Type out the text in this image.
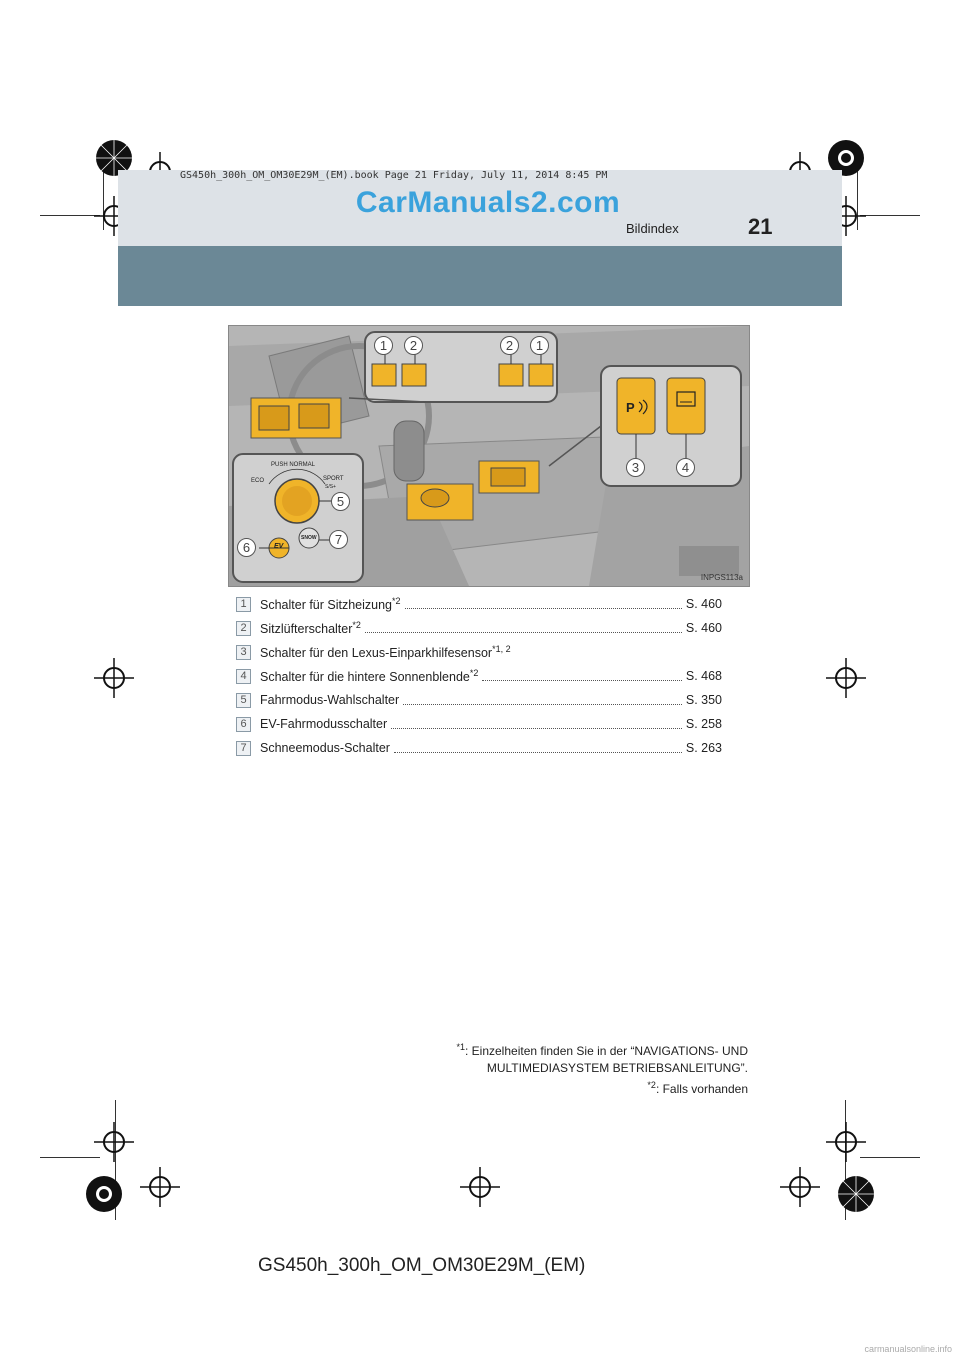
GS450h_300h_OM_OM30E29M_(EM).book Page 21 Friday, July 11, 2014 8:45 PM
CarManuals2.com
Bildindex	21
P
PUSH NORMAL
ECO	SPORT
S/S+
EV
SNOW
1 2	2 1
3	4
5
6
7
INPGS113a
1	Schalter für Sitzheizung$^{*2}$	S. 460
2	Sitzlüfterschalter$^{*2}$	S. 460
3	Schalter für den Lexus-Einparkhilfesensor$^{*1, 2}$
4	Schalter für die hintere Sonnenblende$^{*2}$	S. 468
5	Fahrmodus-Wahlschalter	S. 350
6	EV-Fahrmodusschalter	S. 258
7	Schneemodus-Schalter	S. 263
$^{*1}$: Einzelheiten finden Sie in der “NAVIGATIONS- UND
MULTIMEDIASYSTEM BETRIEBSANLEITUNG”.
$^{*2}$: Falls vorhanden
GS450h_300h_OM_OM30E29M_(EM)
carmanualsonline.info
